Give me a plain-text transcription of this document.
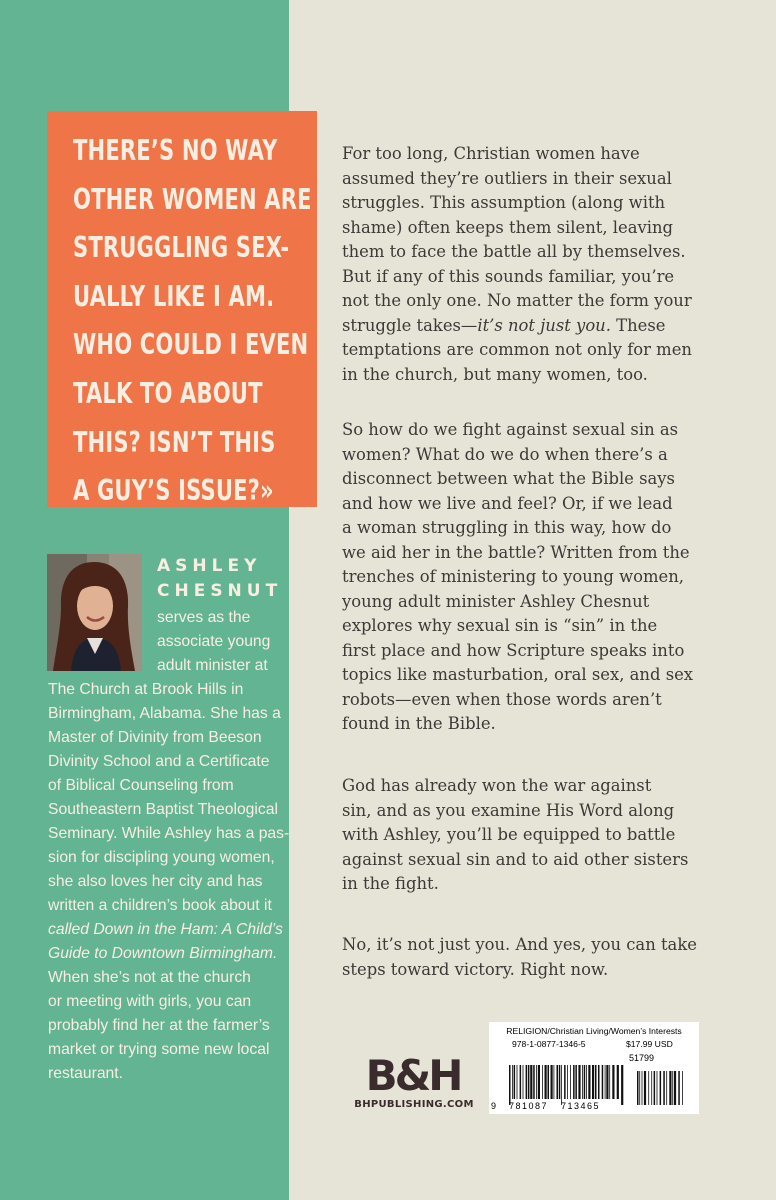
THERE’S NO WAY
OTHER WOMEN ARE
STRUGGLING SEX-
UALLY LIKE I AM.
WHO COULD I EVEN
TALK TO ABOUT
THIS? ISN’T THIS
A GUY’S ISSUE?»
ASHLEY
CHESNUT
serves as the
associate young
adult minister at
The Church at Brook Hills in
Birmingham, Alabama. She has a
Master of Divinity from Beeson
Divinity School and a Certificate
of Biblical Counseling from
Southeastern Baptist Theological
Seminary. While Ashley has a pas-
sion for discipling young women,
she also loves her city and has
written a children’s book about it
called Down in the Ham: A Child’s
Guide to Downtown Birmingham.
When she’s not at the church
or meeting with girls, you can
probably find her at the farmer’s
market or trying some new local
restaurant.
For too long, Christian women have
assumed they’re outliers in their sexual
struggles. This assumption (along with
shame) often keeps them silent, leaving
them to face the battle all by themselves.
But if any of this sounds familiar, you’re
not the only one. No matter the form your
struggle takes—it’s not just you. These
temptations are common not only for men
in the church, but many women, too.
So how do we fight against sexual sin as
women? What do we do when there’s a
disconnect between what the Bible says
and how we live and feel? Or, if we lead
a woman struggling in this way, how do
we aid her in the battle? Written from the
trenches of ministering to young women,
young adult minister Ashley Chesnut
explores why sexual sin is “sin” in the
first place and how Scripture speaks into
topics like masturbation, oral sex, and sex
robots—even when those words aren’t
found in the Bible.
God has already won the war against
sin, and as you examine His Word along
with Ashley, you’ll be equipped to battle
against sexual sin and to aid other sisters
in the fight.
No, it’s not just you. And yes, you can take
steps toward victory. Right now.
B&H
BHPUBLISHING.COM
RELIGION/Christian Living/Women’s Interests
978-1-0877-1346-5	$17.99 USD
51799
9 781087 713465
